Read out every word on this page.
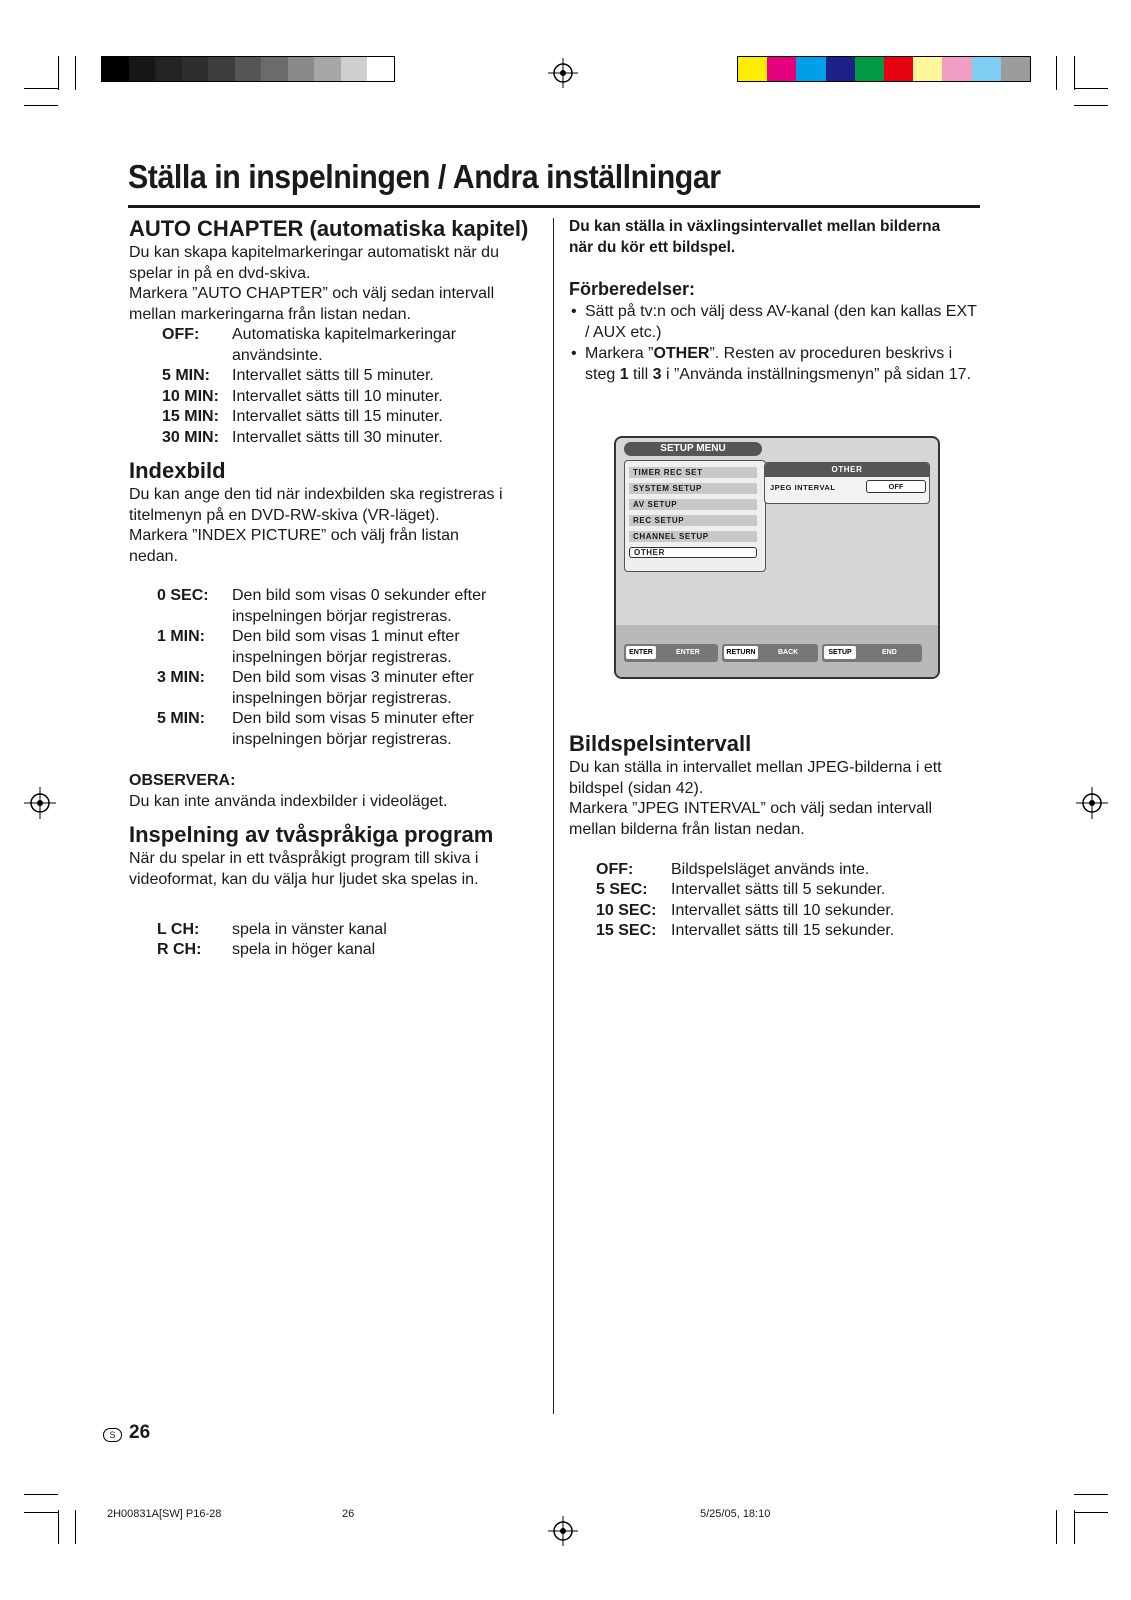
Ställa in inspelningen / Andra inställningar
AUTO CHAPTER (automatiska kapitel)

Du kan skapa kapitelmarkeringar automatiskt när du spelar in på en dvd-skiva.

Markera ”AUTO CHAPTER” och välj sedan intervall mellan markeringarna från listan nedan.

OFF: Automatiska kapitelmarkeringar användsinte.
5 MIN: Intervallet sätts till 5 minuter.
10 MIN: Intervallet sätts till 10 minuter.
15 MIN: Intervallet sätts till 15 minuter.
30 MIN: Intervallet sätts till 30 minuter.
Indexbild

Du kan ange den tid när indexbilden ska registreras i titelmenyn på en DVD-RW-skiva (VR-läget).

Markera ”INDEX PICTURE” och välj från listan nedan.

0 SEC: Den bild som visas 0 sekunder efter inspelningen börjar registreras.
1 MIN: Den bild som visas 1 minut efter inspelningen börjar registreras.
3 MIN: Den bild som visas 3 minuter efter inspelningen börjar registreras.
5 MIN: Den bild som visas 5 minuter efter inspelningen börjar registreras.

OBSERVERA:

Du kan inte använda indexbilder i videoläget.

Inspelning av tvåspråkiga program

När du spelar in ett tvåspråkigt program till skiva i videoformat, kan du välja hur ljudet ska spelas in.

L CH: spela in vänster kanal
R CH: spela in höger kanal

Du kan ställa in växlingsintervallet mellan bilderna när du kör ett bildspel.

Förberedelser:

• Sätt på tv:n och välj dess AV-kanal (den kan kallas EXT / AUX etc.)
• Markera ”OTHER”. Resten av proceduren beskrivs i steg 1 till 3 i ”Använda inställningsmenyn” på sidan 17.
SETUP MENU
TIMER REC SET
SYSTEM SETUP
AV SETUP
REC SETUP
CHANNEL SETUP
OTHER
OTHER
JPEG INTERVAL	OFF
ENTER	ENTER	RETURN	BACK	SETUP	END
Bildspelsintervall

Du kan ställa in intervallet mellan JPEG-bilderna i ett bildspel (sidan 42).

Markera ”JPEG INTERVAL” och välj sedan intervall mellan bilderna från listan nedan.

OFF: Bildspelsläget används inte.
5 SEC: Intervallet sätts till 5 sekunder.
10 SEC: Intervallet sätts till 10 sekunder.
15 SEC: Intervallet sätts till 15 sekunder.
S 26
2H00831A[SW] P16-28	26	5/25/05, 18:10
